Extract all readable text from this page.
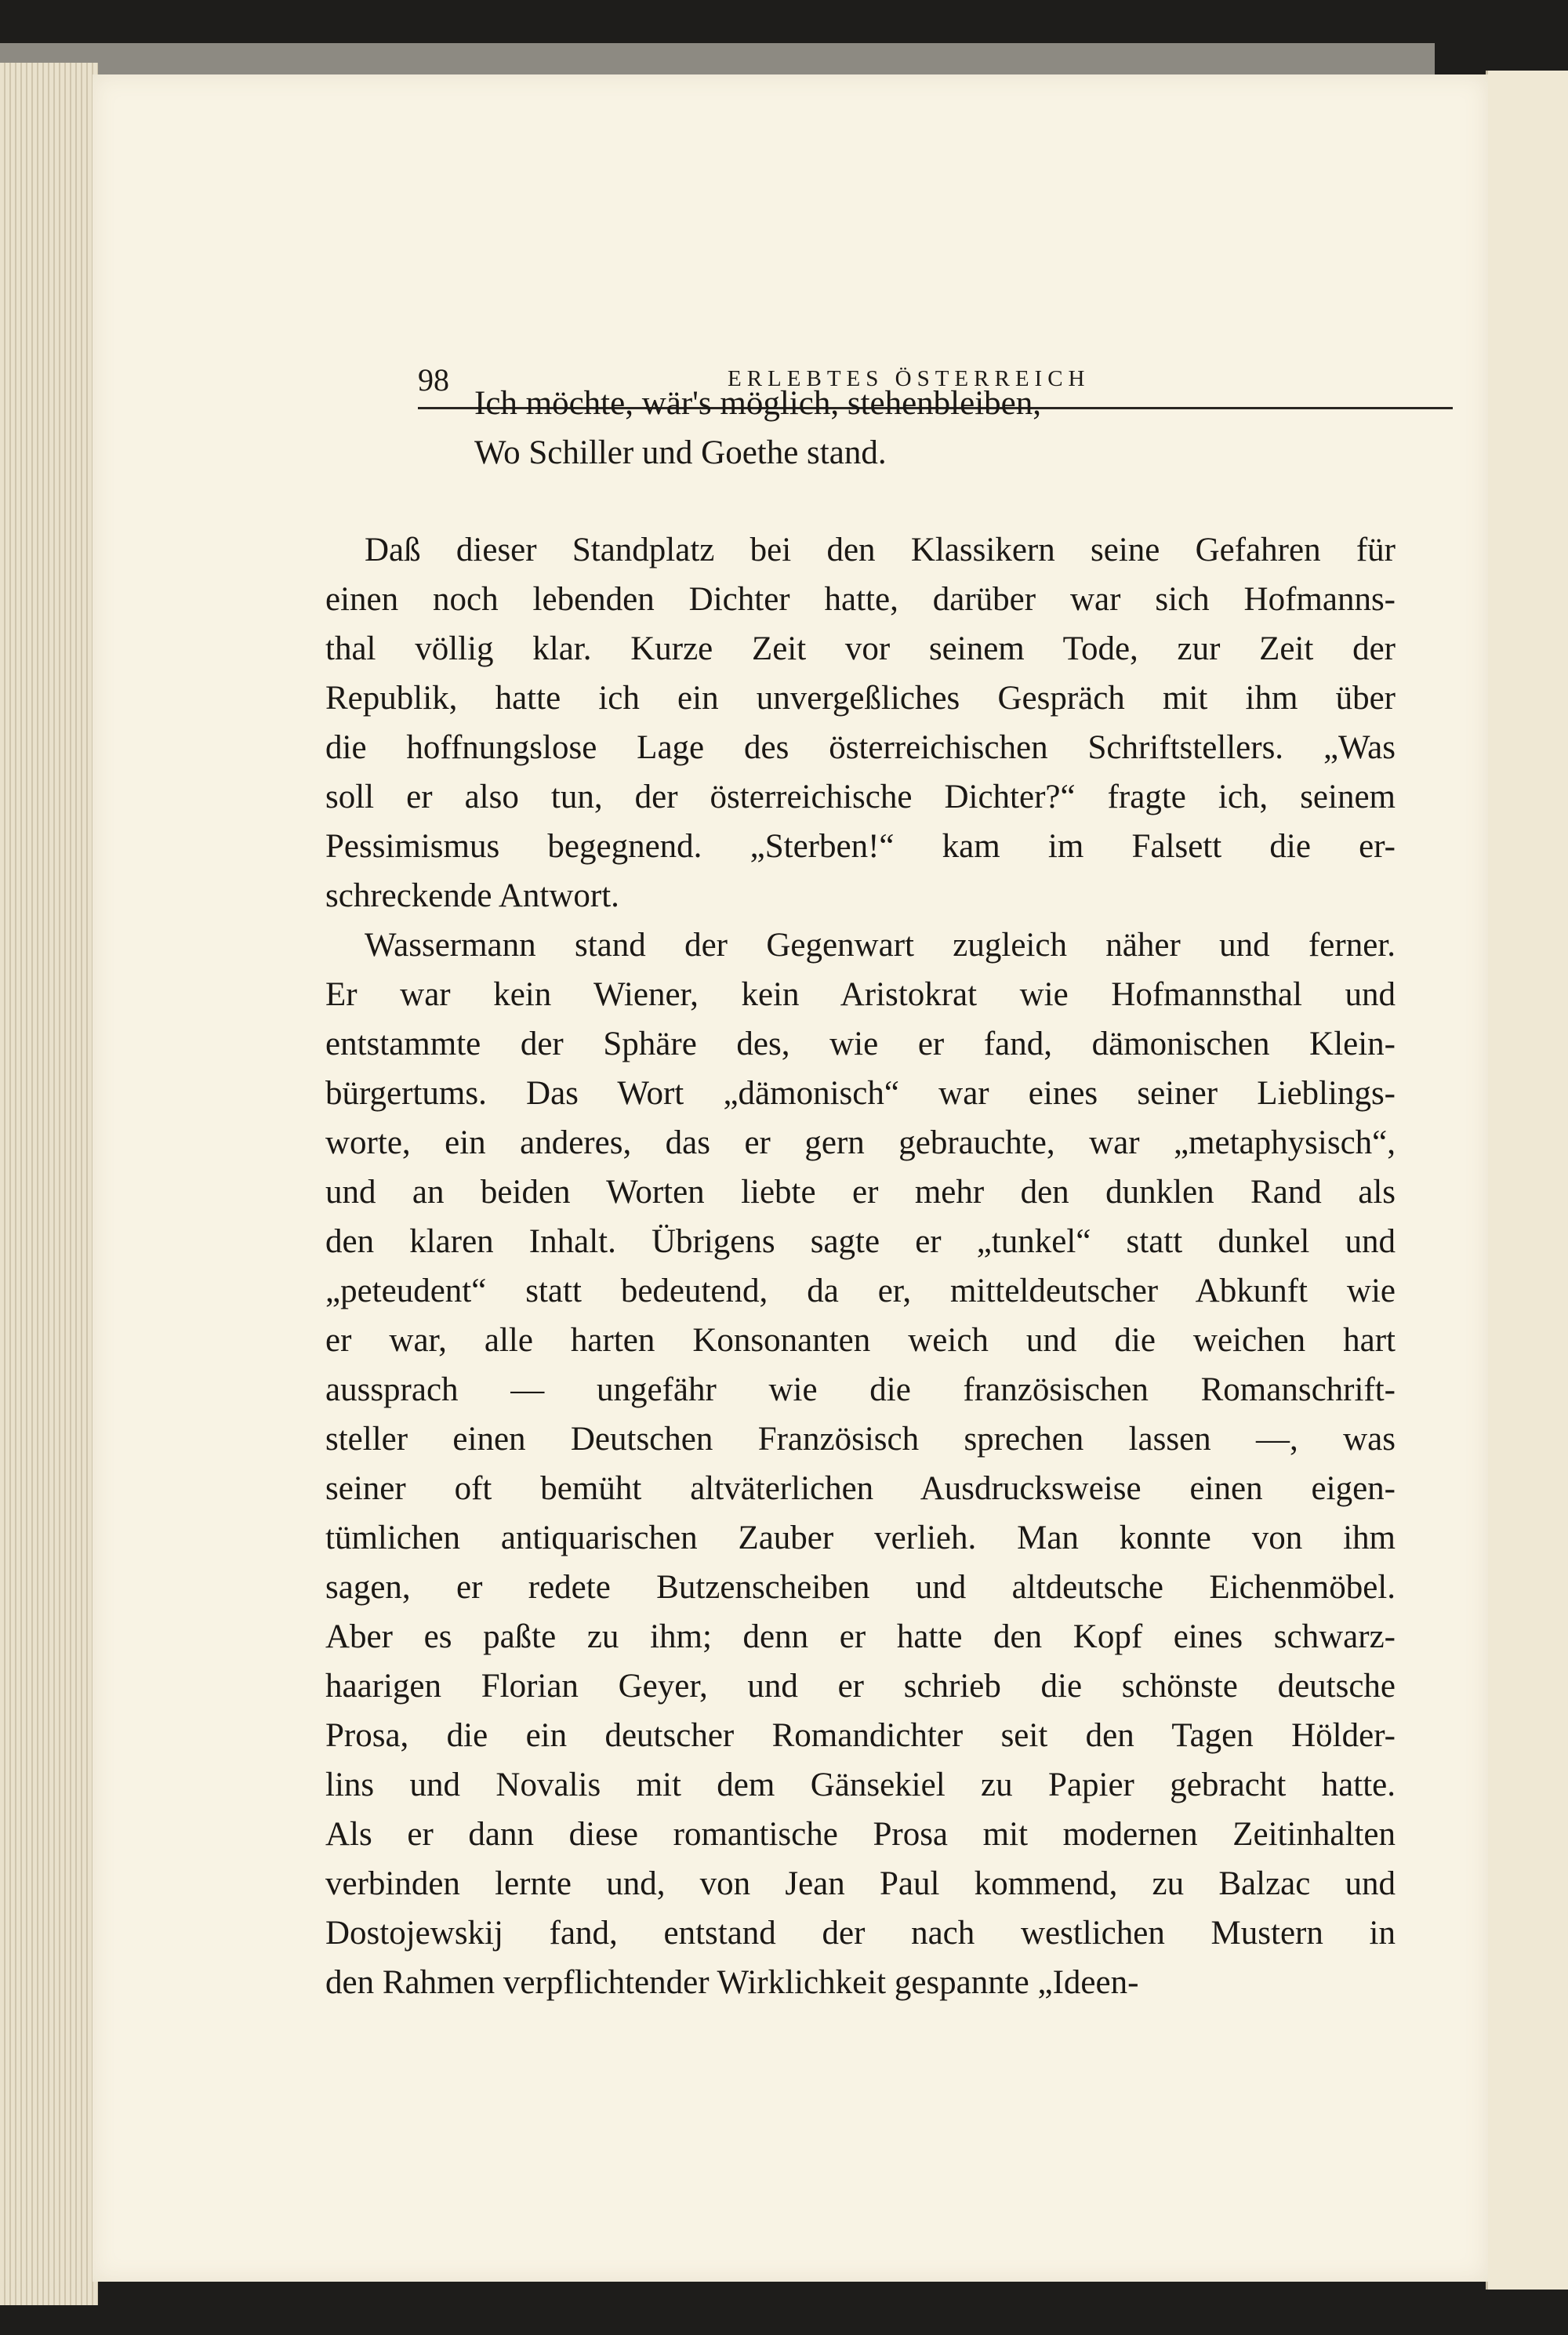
98	ERLEBTES ÖSTERREICH
Ich möchte, wär's möglich, stehenbleiben,
Wo Schiller und Goethe stand.
Daß dieser Standplatz bei den Klassikern seine Gefahren für
einen noch lebenden Dichter hatte, darüber war sich Hofmanns-
thal völlig klar. Kurze Zeit vor seinem Tode, zur Zeit der
Republik, hatte ich ein unvergeßliches Gespräch mit ihm über
die hoffnungslose Lage des österreichischen Schriftstellers. „Was
soll er also tun, der österreichische Dichter?“ fragte ich, seinem
Pessimismus begegnend. „Sterben!“ kam im Falsett die er-
schreckende Antwort.
Wassermann stand der Gegenwart zugleich näher und ferner.
Er war kein Wiener, kein Aristokrat wie Hofmannsthal und
entstammte der Sphäre des, wie er fand, dämonischen Klein-
bürgertums. Das Wort „dämonisch“ war eines seiner Lieblings-
worte, ein anderes, das er gern gebrauchte, war „metaphysisch“,
und an beiden Worten liebte er mehr den dunklen Rand als
den klaren Inhalt. Übrigens sagte er „tunkel“ statt dunkel und
„peteudent“ statt bedeutend, da er, mitteldeutscher Abkunft wie
er war, alle harten Konsonanten weich und die weichen hart
aussprach — ungefähr wie die französischen Romanschrift-
steller einen Deutschen Französisch sprechen lassen —, was
seiner oft bemüht altväterlichen Ausdrucksweise einen eigen-
tümlichen antiquarischen Zauber verlieh. Man konnte von ihm
sagen, er redete Butzenscheiben und altdeutsche Eichenmöbel.
Aber es paßte zu ihm; denn er hatte den Kopf eines schwarz-
haarigen Florian Geyer, und er schrieb die schönste deutsche
Prosa, die ein deutscher Romandichter seit den Tagen Hölder-
lins und Novalis mit dem Gänsekiel zu Papier gebracht hatte.
Als er dann diese romantische Prosa mit modernen Zeitinhalten
verbinden lernte und, von Jean Paul kommend, zu Balzac und
Dostojewskij fand, entstand der nach westlichen Mustern in
den Rahmen verpflichtender Wirklichkeit gespannte „Ideen-
